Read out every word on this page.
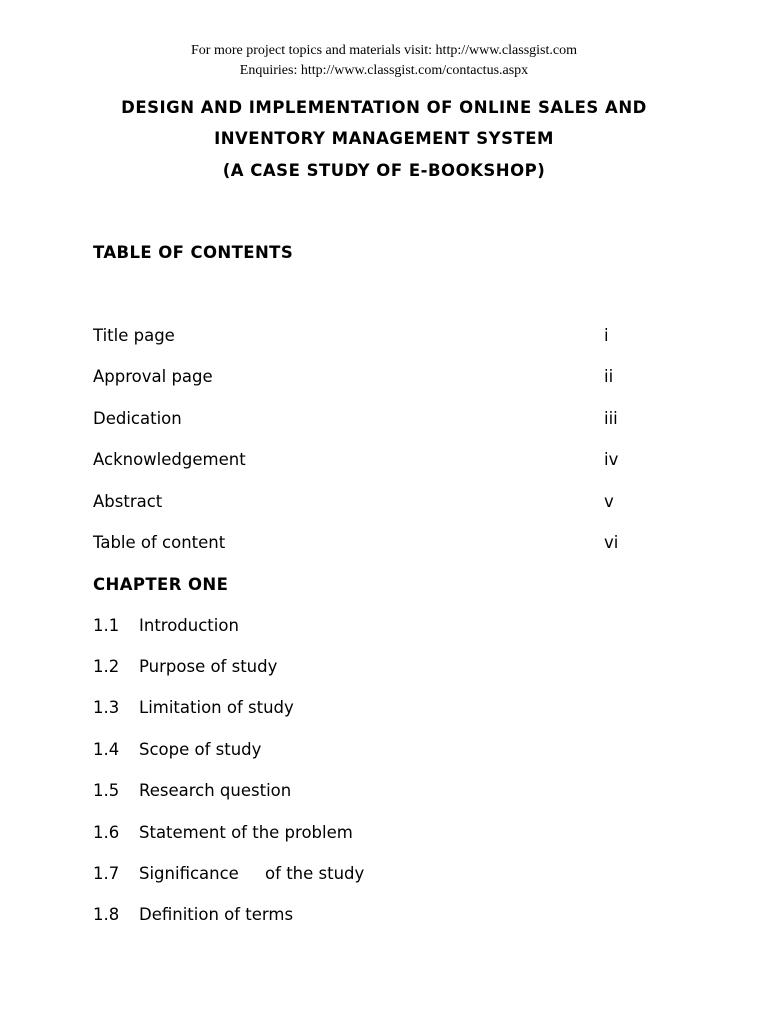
For more project topics and materials visit: http://www.classgist.com
Enquiries: http://www.classgist.com/contactus.aspx
DESIGN AND IMPLEMENTATION OF ONLINE SALES AND
INVENTORY MANAGEMENT SYSTEM
(A CASE STUDY OF E-BOOKSHOP)
TABLE OF CONTENTS
Title page	i
Approval page	ii
Dedication	iii
Acknowledgement	iv
Abstract	v
Table of content	vi
CHAPTER ONE
1.1 Introduction
1.2 Purpose of study
1.3 Limitation of study
1.4 Scope of study
1.5 Research question
1.6 Statement of the problem
1.7 Significance     of the study
1.8 Definition of terms
